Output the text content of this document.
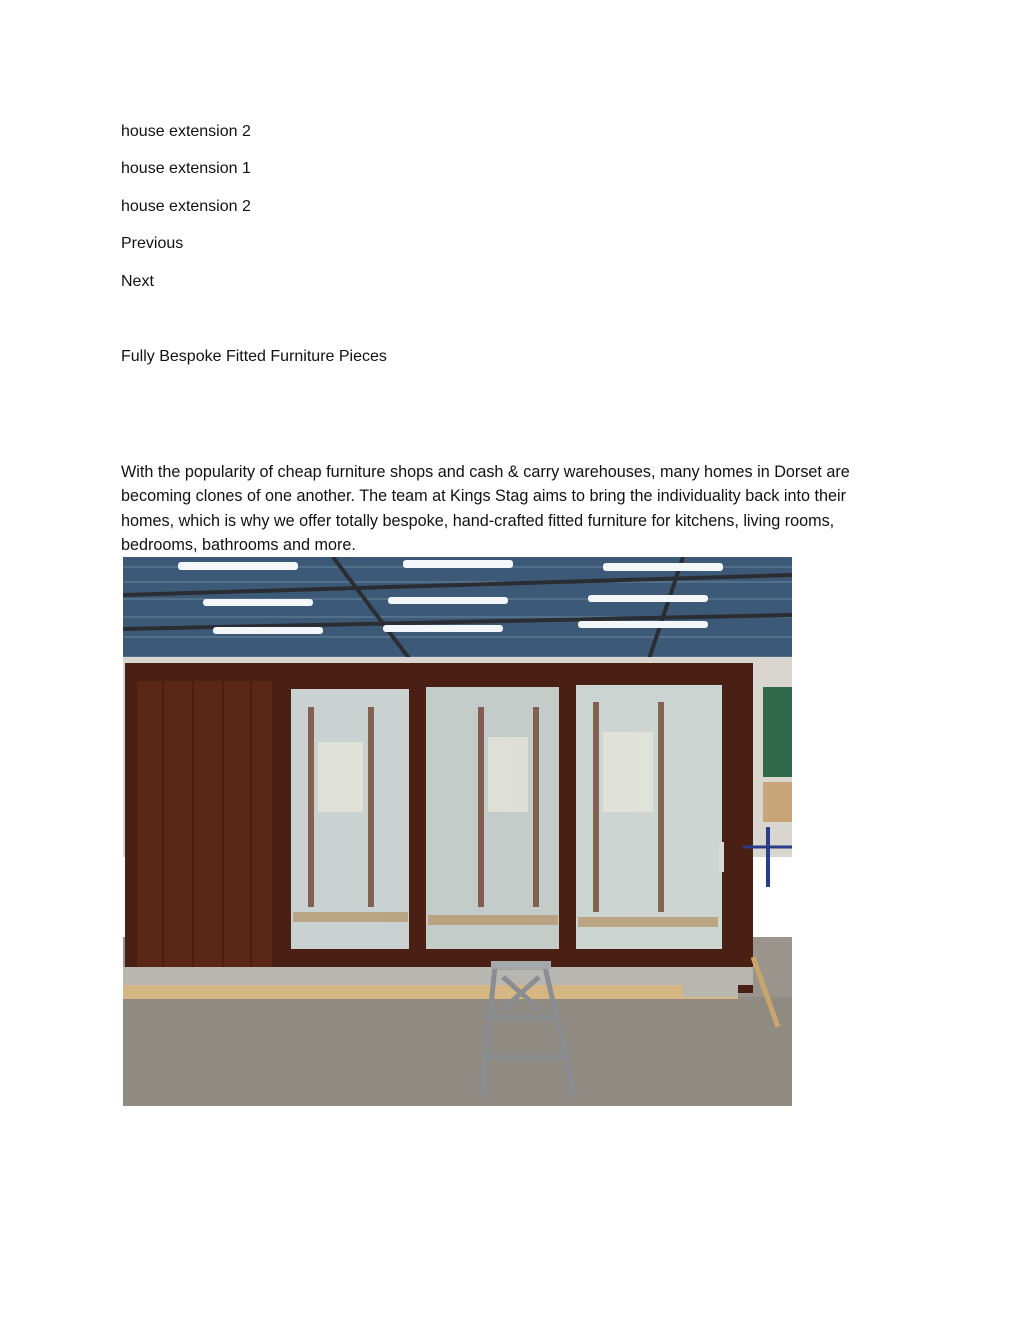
house extension 2
house extension 1
house extension 2
Previous
Next
Fully Bespoke Fitted Furniture Pieces
With the popularity of cheap furniture shops and cash & carry warehouses, many homes in Dorset are becoming clones of one another. The team at Kings Stag aims to bring the individuality back into their homes, which is why we offer totally bespoke, hand-crafted fitted furniture for kitchens, living rooms, bedrooms, bathrooms and more.
